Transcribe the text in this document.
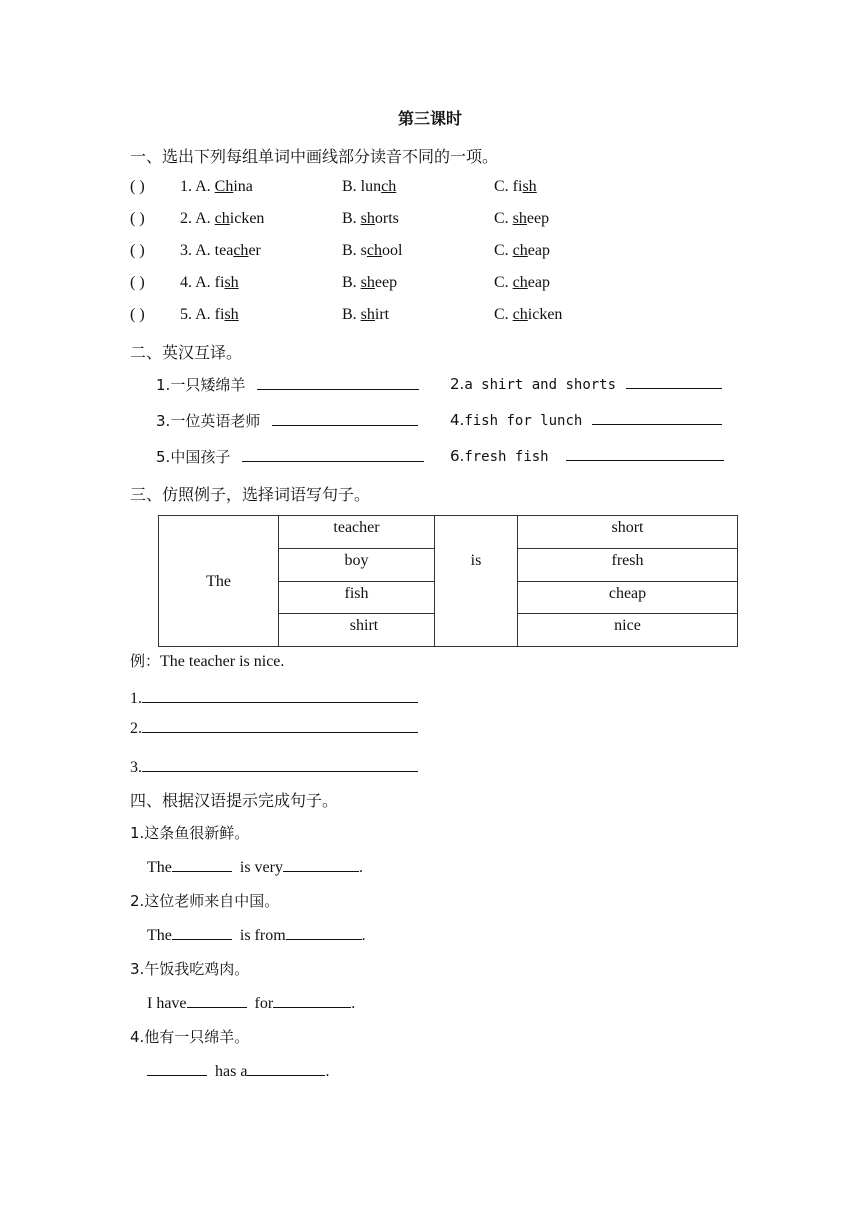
第三课时
一、选出下列每组单词中画线部分读音不同的一项。
( ) 1. A. China	B. lunch	C. fish
( ) 2. A. chicken	B. shorts	C. sheep
( ) 3. A. teacher	B. school	C. cheap
( ) 4. A. fish	B. sheep	C. cheap
( ) 5. A. fish	B. shirt	C. chicken
二、英汉互译。
1.一只矮绵羊	2.a shirt and shorts
3.一位英语老师	4.fish for lunch
5.中国孩子	6.fresh fish
三、仿照例子，选择词语写句子。
The	teacher	is	short
	boy		fresh
	fish		cheap
	shirt		nice
例：The teacher is nice.
1.
2.
3.
四、根据汉语提示完成句子。
1.这条鱼很新鲜。
The	is very	.
2.这位老师来自中国。
The	is from	.
3.午饭我吃鸡肉。
I have	for	.
4.他有一只绵羊。
has a	.
